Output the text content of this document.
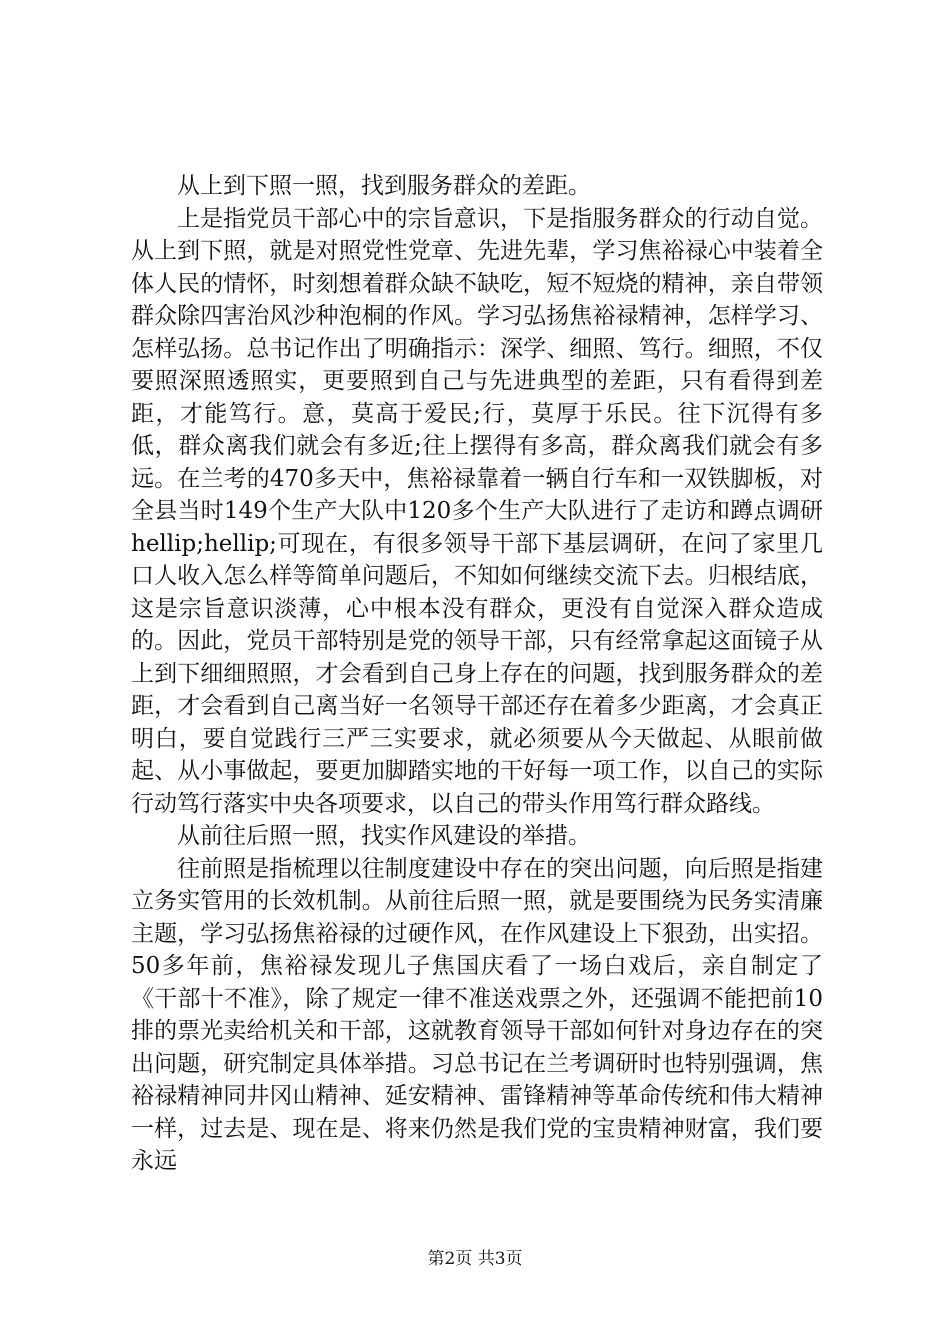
从上到下照一照，找到服务群众的差距。

上是指党员干部心中的宗旨意识，下是指服务群众的行动自觉。从上到下照，就是对照党性党章、先进先辈，学习焦裕禄心中装着全体人民的情怀，时刻想着群众缺不缺吃，短不短烧的精神，亲自带领群众除四害治风沙种泡桐的作风。学习弘扬焦裕禄精神，怎样学习、怎样弘扬。总书记作出了明确指示：深学、细照、笃行。细照，不仅要照深照透照实，更要照到自己与先进典型的差距，只有看得到差距，才能笃行。意，莫高于爱民;行，莫厚于乐民。往下沉得有多低，群众离我们就会有多近;往上摆得有多高，群众离我们就会有多远。在兰考的470多天中，焦裕禄靠着一辆自行车和一双铁脚板，对全县当时149个生产大队中120多个生产大队进行了走访和蹲点调研hellip;hellip;可现在，有很多领导干部下基层调研，在问了家里几口人收入怎么样等简单问题后，不知如何继续交流下去。归根结底，这是宗旨意识淡薄，心中根本没有群众，更没有自觉深入群众造成的。因此，党员干部特别是党的领导干部，只有经常拿起这面镜子从上到下细细照照，才会看到自己身上存在的问题，找到服务群众的差距，才会看到自己离当好一名领导干部还存在着多少距离，才会真正明白，要自觉践行三严三实要求，就必须要从今天做起、从眼前做起、从小事做起，要更加脚踏实地的干好每一项工作，以自己的实际行动笃行落实中央各项要求，以自己的带头作用笃行群众路线。

从前往后照一照，找实作风建设的举措。

往前照是指梳理以往制度建设中存在的突出问题，向后照是指建立务实管用的长效机制。从前往后照一照，就是要围绕为民务实清廉主题，学习弘扬焦裕禄的过硬作风，在作风建设上下狠劲，出实招。50多年前，焦裕禄发现儿子焦国庆看了一场白戏后，亲自制定了《干部十不准》，除了规定一律不准送戏票之外，还强调不能把前10排的票光卖给机关和干部，这就教育领导干部如何针对身边存在的突出问题，研究制定具体举措。习总书记在兰考调研时也特别强调，焦裕禄精神同井冈山精神、延安精神、雷锋精神等革命传统和伟大精神一样，过去是、现在是、将来仍然是我们党的宝贵精神财富，我们要永远

第2页 共3页
